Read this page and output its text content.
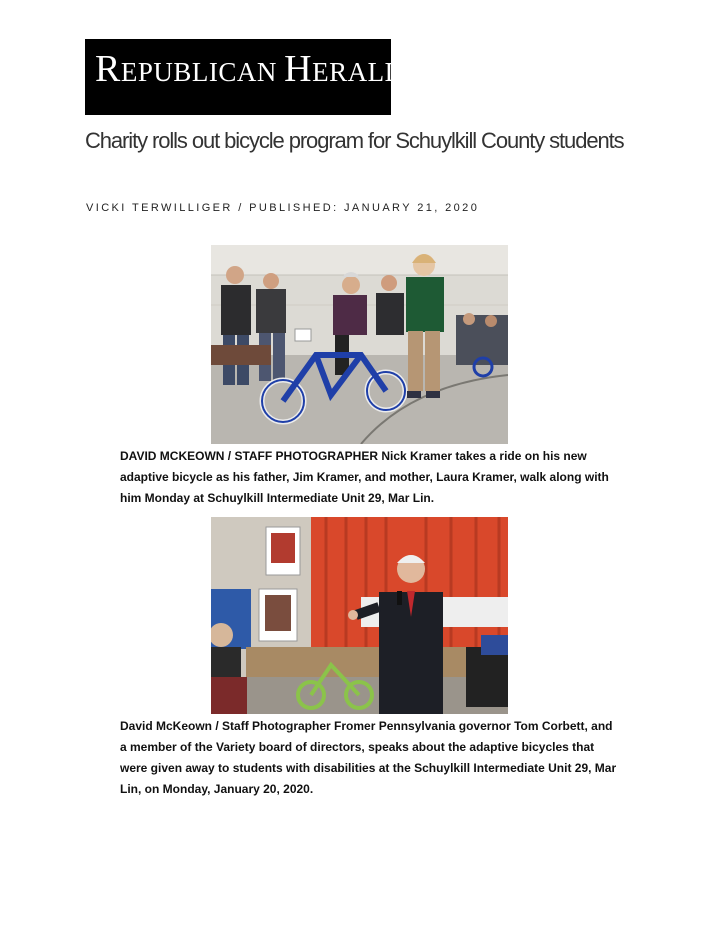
REPUBLICAN HERALD
Charity rolls out bicycle program for Schuylkill County students
VICKI TERWILLIGER / PUBLISHED: JANUARY 21, 2020
DAVID MCKEOWN / STAFF PHOTOGRAPHER Nick Kramer takes a ride on his new adaptive bicycle as his father, Jim Kramer, and mother, Laura Kramer, walk along with him Monday at Schuylkill Intermediate Unit 29, Mar Lin.
David McKeown / Staff Photographer Fromer Pennsylvania governor Tom Corbett, and a member of the Variety board of directors, speaks about the adaptive bicycles that were given away to students with disabilities at the Schuylkill Intermediate Unit 29, Mar Lin, on Monday, January 20, 2020.
